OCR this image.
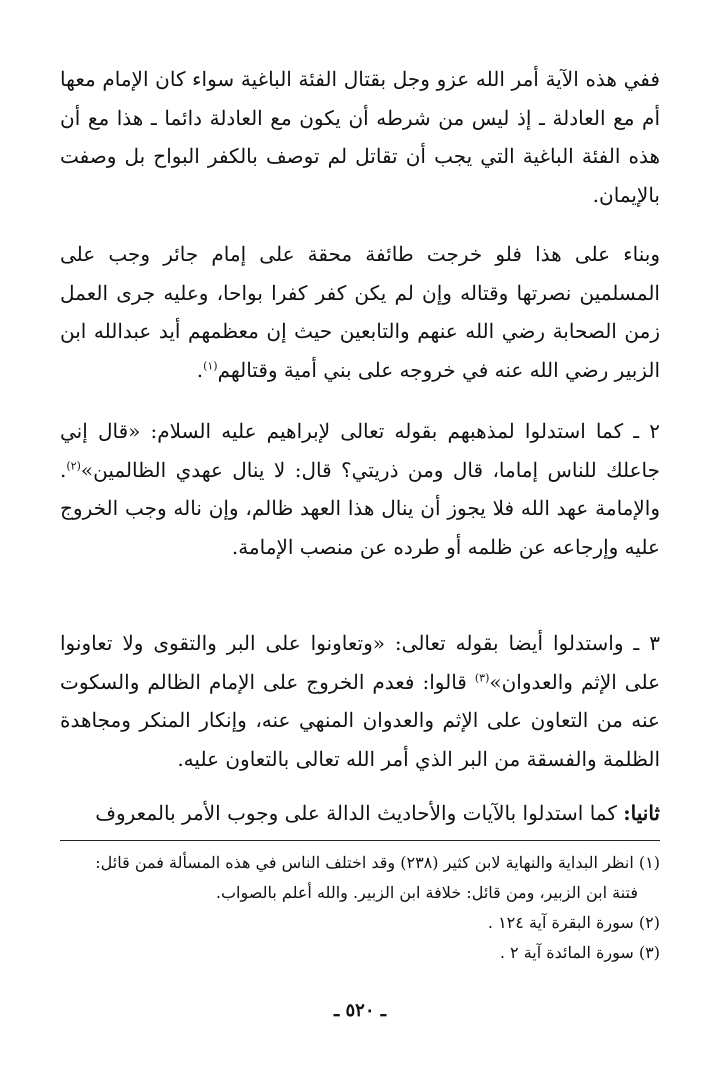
ففي هذه الآية أمر الله عزو وجل بقتال الفئة الباغية سواء كان الإمام معها أم مع العادلة ـ إذ ليس من شرطه أن يكون مع العادلة دائما ـ هذا مع أن هذه الفئة الباغية التي يجب أن تقاتل لم توصف بالكفر البواح بل وصفت بالإيمان.

وبناء على هذا فلو خرجت طائفة محقة على إمام جائر وجب على المسلمين نصرتها وقتاله وإن لم يكن كفر كفرا بواحا، وعليه جرى العمل زمن الصحابة رضي الله عنهم والتابعين حيث إن معظمهم أيد عبدالله ابن الزبير رضي الله عنه في خروجه على بني أمية وقتالهم$^{(١)}$.

٢ ـ كما استدلوا لمذهبهم بقوله تعالى لإبراهيم عليه السلام: «قال إني جاعلك للناس إماما، قال ومن ذريتي؟ قال: لا ينال عهدي الظالمين»$^{(٢)}$. والإمامة عهد الله فلا يجوز أن ينال هذا العهد ظالم، وإن ناله وجب الخروج عليه وإرجاعه عن ظلمه أو طرده عن منصب الإمامة.

٣ ـ واستدلوا أيضا بقوله تعالى: «وتعاونوا على البر والتقوى ولا تعاونوا على الإثم والعدوان»$^{(٣)}$ قالوا: فعدم الخروج على الإمام الظالم والسكوت عنه من التعاون على الإثم والعدوان المنهي عنه، وإنكار المنكر ومجاهدة الظلمة والفسقة من البر الذي أمر الله تعالى بالتعاون عليه.

ثانيا: كما استدلوا بالآيات والأحاديث الدالة على وجوب الأمر بالمعروف

(١) انظر البداية والنهاية لابن كثير (٢٣٨) وقد اختلف الناس في هذه المسألة فمن قائل:

فتنة ابن الزبير، ومن قائل: خلافة ابن الزبير. والله أعلم بالصواب.

(٢) سورة البقرة آية ١٢٤ .

(٣) سورة المائدة آية ٢ .

ـ ٥٢٠ ـ
